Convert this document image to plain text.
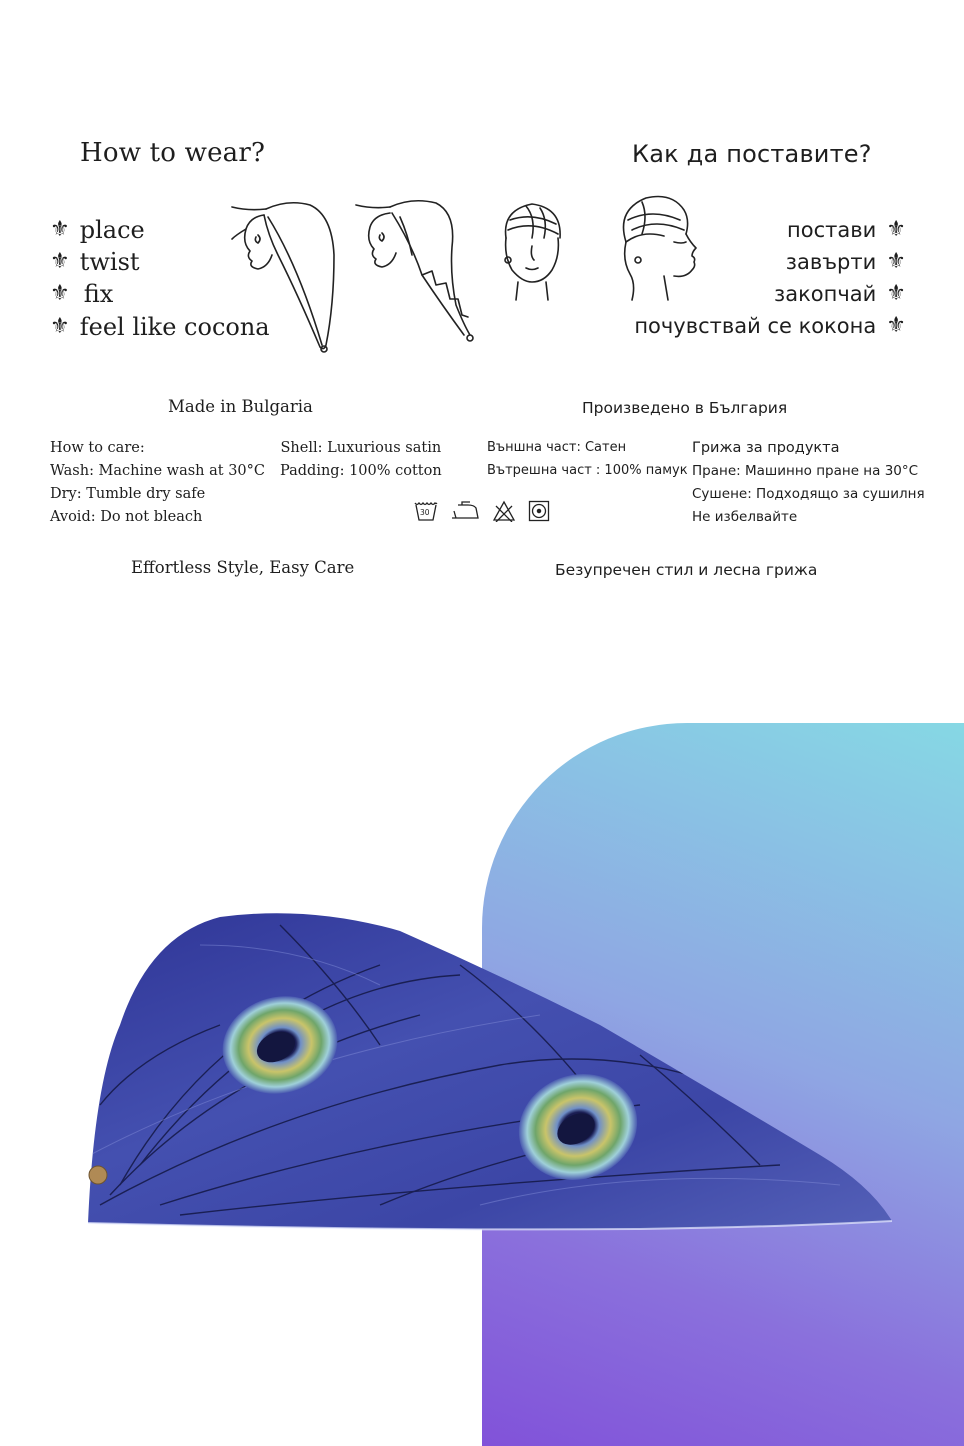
How to wear?	Как да поставите?
⚜ place
⚜ twist
⚜ fix
⚜ feel like cocona
постави ⚜
завърти ⚜
закопчай ⚜
почувствай се кокона ⚜
Made in Bulgaria	Произведено в България
How to care:
Wash: Machine wash at 30°C
Dry: Tumble dry safe
Avoid: Do not bleach
Shell: Luxurious satin
Padding: 100% cotton
Външна част: Сатен
Вътрешна част : 100% памук
Грижа за продукта
Пране: Машинно пране на 30°C
Сушене: Подходящо за сушилня
Не избелвайте
30
Effortless Style, Easy Care	Безупречен стил и лесна грижа
